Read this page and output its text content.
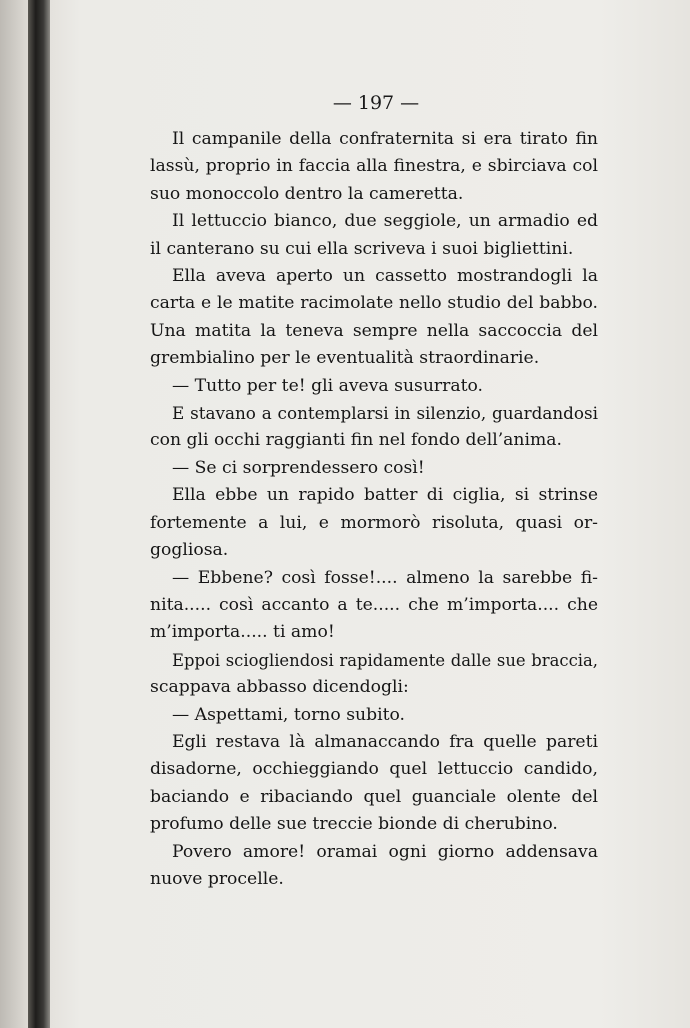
— 197 —
Il campanile della confraternita si era tirato fin
lassù, proprio in faccia alla finestra, e sbirciava col
suo monoccolo dentro la cameretta.
Il lettuccio bianco, due seggiole, un armadio ed
il canterano su cui ella scriveva i suoi bigliettini.
Ella aveva aperto un cassetto mostrandogli la
carta e le matite racimolate nello studio del babbo.
Una matita la teneva sempre nella saccoccia del
grembialino per le eventualità straordinarie.
— Tutto per te! gli aveva susurrato.
E stavano a contemplarsi in silenzio, guardandosi
con gli occhi raggianti fin nel fondo dell’anima.
— Se ci sorprendessero così!
Ella ebbe un rapido batter di ciglia, si strinse
fortemente a lui, e mormorò risoluta, quasi or-
gogliosa.
— Ebbene? così fosse!.... almeno la sarebbe fi-
nita..... così accanto a te..... che m’importa.... che
m’importa..... ti amo!
Eppoi sciogliendosi rapidamente dalle sue braccia,
scappava abbasso dicendogli:
— Aspettami, torno subito.
Egli restava là almanaccando fra quelle pareti
disadorne, occhieggiando quel lettuccio candido,
baciando e ribaciando quel guanciale olente del
profumo delle sue treccie bionde di cherubino.
Povero amore! oramai ogni giorno addensava
nuove procelle.
